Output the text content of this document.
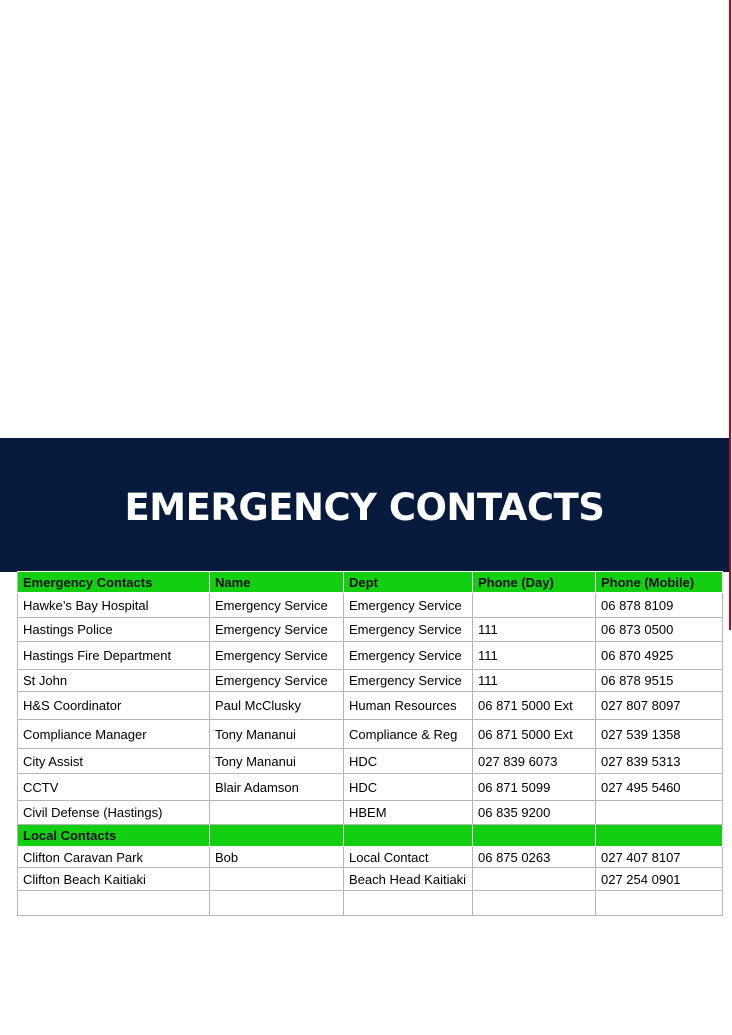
EMERGENCY CONTACTS
Emergency Contacts	Name	Dept	Phone (Day)	Phone (Mobile)
Hawke’s Bay Hospital	Emergency Service	Emergency Service		06 878 8109
Hastings Police	Emergency Service	Emergency Service	111	06 873 0500
Hastings Fire Department	Emergency Service	Emergency Service	111	06 870 4925
St John	Emergency Service	Emergency Service	111	06 878 9515
H&S Coordinator	Paul McClusky	Human Resources	06 871 5000 Ext	027 807 8097
Compliance Manager	Tony Mananui	Compliance & Reg	06 871 5000 Ext	027 539 1358
City Assist	Tony Mananui	HDC	027 839 6073	027 839 5313
CCTV	Blair Adamson	HDC	06 871 5099	027 495 5460
Civil Defense (Hastings)		HBEM	06 835 9200	
Local Contacts				
Clifton Caravan Park	Bob	Local Contact	06 875 0263	027 407 8107
Clifton Beach Kaitiaki		Beach Head Kaitiaki		027 254 0901
